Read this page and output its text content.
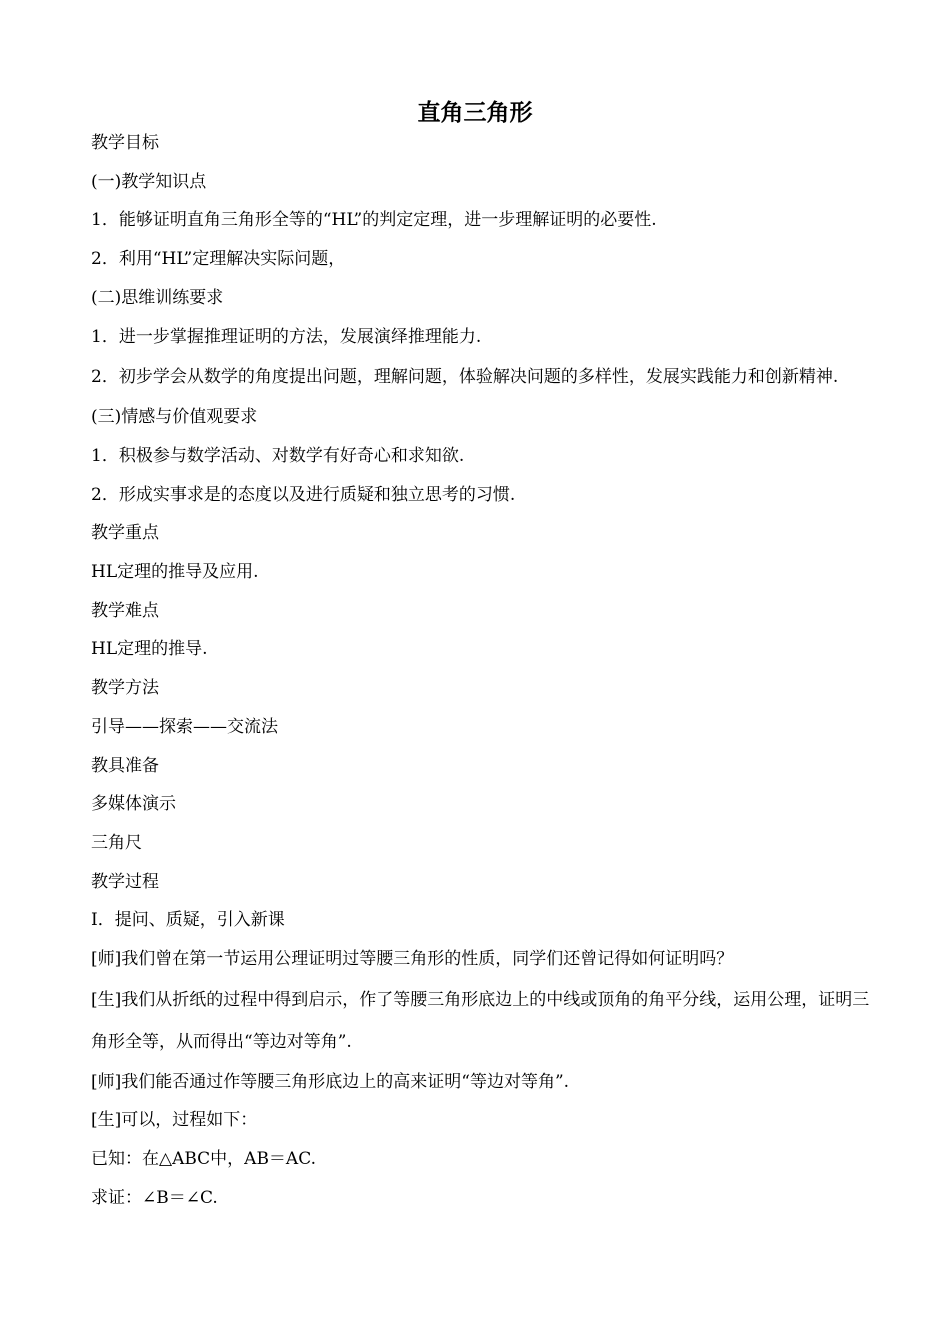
直角三角形

教学目标

(一)教学知识点

1．能够证明直角三角形全等的“HL”的判定定理，进一步理解证明的必要性.

2．利用“HL”定理解决实际问题，

(二)思维训练要求

1．进一步掌握推理证明的方法，发展演绎推理能力.

2．初步学会从数学的角度提出问题，理解问题，体验解决问题的多样性，发展实践能力和创新精神.

(三)情感与价值观要求

1．积极参与数学活动、对数学有好奇心和求知欲.

2．形成实事求是的态度以及进行质疑和独立思考的习惯.

教学重点

HL定理的推导及应用.

教学难点

HL定理的推导.

教学方法

引导——探索——交流法

教具准备

多媒体演示

三角尺

教学过程

Ⅰ．提问、质疑，引入新课

[师]我们曾在第一节运用公理证明过等腰三角形的性质，同学们还曾记得如何证明吗？

[生]我们从折纸的过程中得到启示，作了等腰三角形底边上的中线或顶角的角平分线，运用公理，证明三角形全等，从而得出“等边对等角”.

[师]我们能否通过作等腰三角形底边上的高来证明“等边对等角”.

[生]可以，过程如下：

已知：在△ABC中，AB＝AC.

求证：∠B＝∠C.
